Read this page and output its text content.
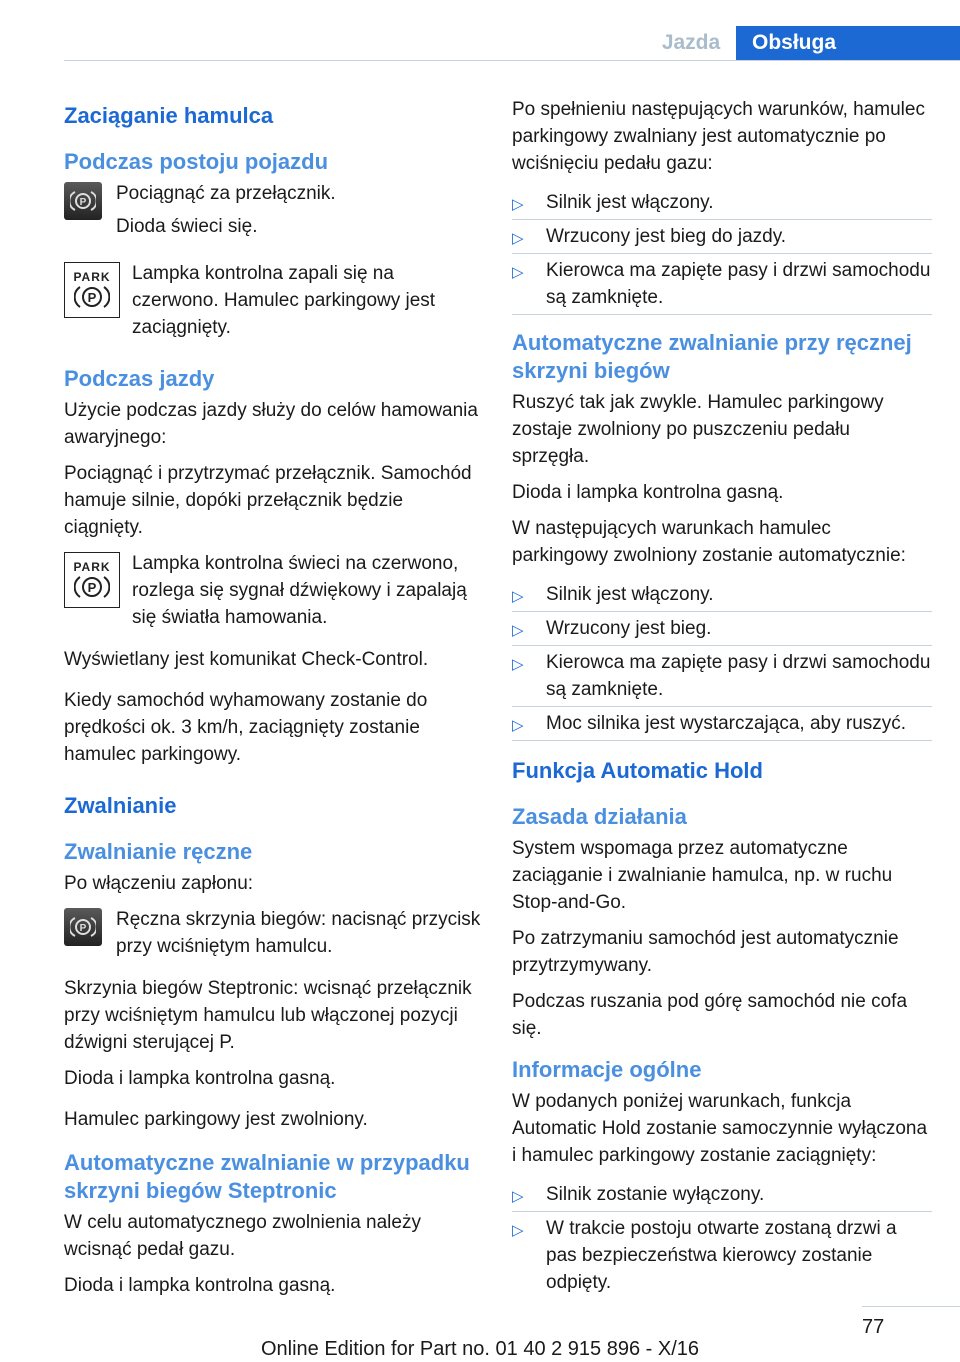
Jazda	Obsługa
Zaciąganie hamulca
Podczas postoju pojazdu
P Pociągnąć za przełącznik.

Dioda świeci się.

PARK
P

Lampka kontrolna zapali się na czerwono. Hamulec parkingowy jest zaciągnięty.

Podczas jazdy

Użycie podczas jazdy służy do celów hamowania awaryjnego:

Pociągnąć i przytrzymać przełącznik. Samochód hamuje silnie, dopóki przełącznik będzie ciągnięty.

PARK
P

Lampka kontrolna świeci na czerwono, rozlega się sygnał dźwiękowy i zapalają się światła hamowania.

Wyświetlany jest komunikat Check-Control.

Kiedy samochód wyhamowany zostanie do prędkości ok. 3 km/h, zaciągnięty zostanie hamulec parkingowy.

Zwalnianie
Zwalnianie ręczne

Po włączeniu zapłonu:

P Ręczna skrzynia biegów: nacisnąć przycisk przy wciśniętym hamulcu.

Skrzynia biegów Steptronic: wcisnąć przełącznik przy wciśniętym hamulcu lub włączonej pozycji dźwigni sterującej P.

Dioda i lampka kontrolna gasną.

Hamulec parkingowy jest zwolniony.

Automatyczne zwalnianie w przypadku skrzyni biegów Steptronic

W celu automatycznego zwolnienia należy wcisnąć pedał gazu.

Dioda i lampka kontrolna gasną.

Po spełnieniu następujących warunków, hamulec parkingowy zwalniany jest automatycznie po wciśnięciu pedału gazu:

▷ Silnik jest włączony.
▷ Wrzucony jest bieg do jazdy.
▷ Kierowca ma zapięte pasy i drzwi samochodu są zamknięte.
Automatyczne zwalnianie przy ręcznej skrzyni biegów

Ruszyć tak jak zwykle. Hamulec parkingowy zostaje zwolniony po puszczeniu pedału sprzęgła.

Dioda i lampka kontrolna gasną.

W następujących warunkach hamulec parkingowy zwolniony zostanie automatycznie:

▷ Silnik jest włączony.
▷ Wrzucony jest bieg.
▷ Kierowca ma zapięte pasy i drzwi samochodu są zamknięte.
▷ Moc silnika jest wystarczająca, aby ruszyć.
Funkcja Automatic Hold
Zasada działania

System wspomaga przez automatyczne zaciąganie i zwalnianie hamulca, np. w ruchu Stop-and-Go.

Po zatrzymaniu samochód jest automatycznie przytrzymywany.

Podczas ruszania pod górę samochód nie cofa się.

Informacje ogólne

W podanych poniżej warunkach, funkcja Automatic Hold zostanie samoczynnie wyłączona i hamulec parkingowy zostanie zaciągnięty:

▷ Silnik zostanie wyłączony.
▷ W trakcie postoju otwarte zostaną drzwi a pas bezpieczeństwa kierowcy zostanie odpięty.
77
Online Edition for Part no. 01 40 2 915 896 - X/16
